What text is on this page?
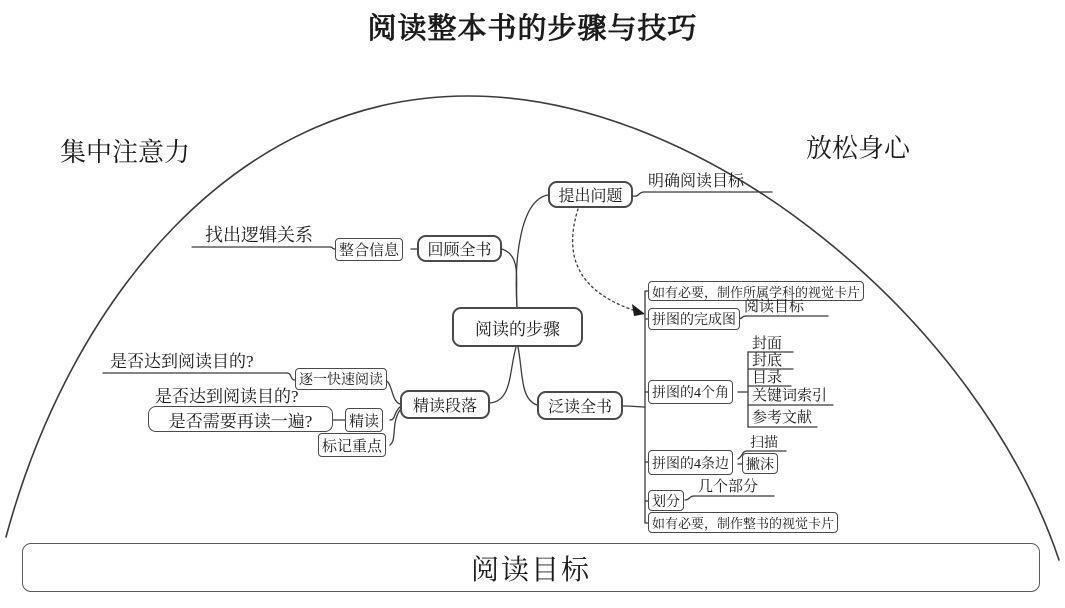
阅读整本书的步骤与技巧
集中注意力	放松身心
阅读目标
阅读的步骤
提出问题
明确阅读目标
回顾全书
整合信息
找出逻辑关系
精读段落
逐一快速阅读
是否达到阅读目的?
精读
是否达到阅读目的?
是否需要再读一遍?
标记重点
泛读全书
如有必要，制作所属学科的视觉卡片
拼图的完成图
阅读目标
拼图的4个角
封面
封底
目录
关键词索引
参考文献
拼图的4条边
扫描
撇沫
划分
几个部分
如有必要，制作整书的视觉卡片
